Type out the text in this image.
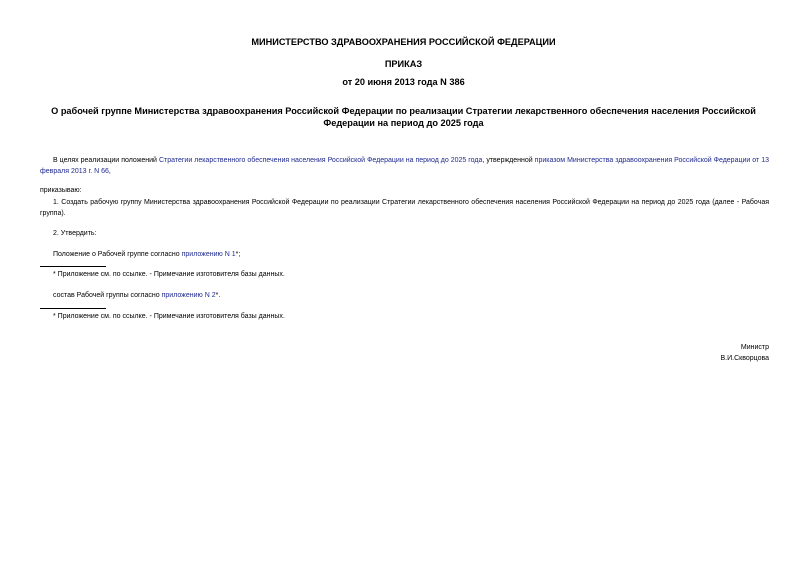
МИНИСТЕРСТВО ЗДРАВООХРАНЕНИЯ РОССИЙСКОЙ ФЕДЕРАЦИИ
ПРИКАЗ
от 20 июня 2013 года N 386
О рабочей группе Министерства здравоохранения Российской Федерации по реализации Стратегии лекарственного обеспечения населения Российской
Федерации на период до 2025 года
В целях реализации положений Стратегии лекарственного обеспечения населения Российской Федерации на период до 2025 года, утвержденной приказом Министерства здравоохранения Российской Федерации от 13 февраля 2013 г. N 66,
приказываю:
1. Создать рабочую группу Министерства здравоохранения Российской Федерации по реализации Стратегии лекарственного обеспечения населения Российской Федерации на период до 2025 года (далее - Рабочая группа).
2. Утвердить:
Положение о Рабочей группе согласно приложению N 1*;
* Приложение см. по ссылке. - Примечание изготовителя базы данных.
состав Рабочей группы согласно приложению N 2*.
* Приложение см. по ссылке. - Примечание изготовителя базы данных.
Министр
В.И.Скворцова
